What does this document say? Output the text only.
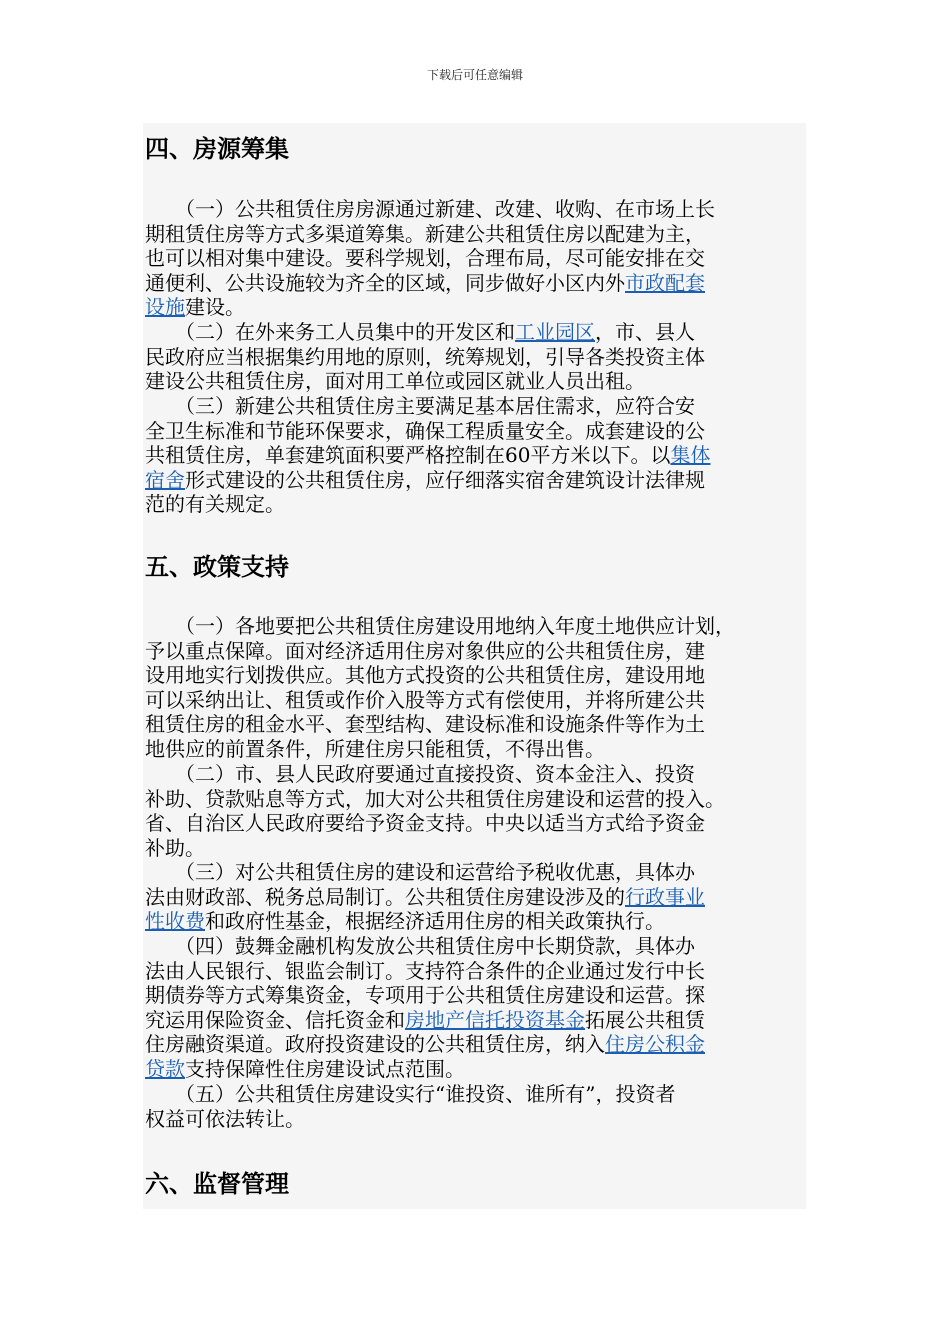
下载后可任意编辑
四、房源筹集
　　（一）公共租赁住房房源通过新建、改建、收购、在市场上长
期租赁住房等方式多渠道筹集。新建公共租赁住房以配建为主，
也可以相对集中建设。要科学规划，合理布局，尽可能安排在交
通便利、公共设施较为齐全的区域，同步做好小区内外市政配套
设施建设。
　　（二）在外来务工人员集中的开发区和工业园区，市、县人
民政府应当根据集约用地的原则，统筹规划，引导各类投资主体
建设公共租赁住房，面对用工单位或园区就业人员出租。
　　（三）新建公共租赁住房主要满足基本居住需求，应符合安
全卫生标准和节能环保要求，确保工程质量安全。成套建设的公
共租赁住房，单套建筑面积要严格控制在60平方米以下。以集体
宿舍形式建设的公共租赁住房，应仔细落实宿舍建筑设计法律规
范的有关规定。
五、政策支持
　　（一）各地要把公共租赁住房建设用地纳入年度土地供应计划，
予以重点保障。面对经济适用住房对象供应的公共租赁住房，建
设用地实行划拨供应。其他方式投资的公共租赁住房，建设用地
可以采纳出让、租赁或作价入股等方式有偿使用，并将所建公共
租赁住房的租金水平、套型结构、建设标准和设施条件等作为土
地供应的前置条件，所建住房只能租赁，不得出售。
　　（二）市、县人民政府要通过直接投资、资本金注入、投资
补助、贷款贴息等方式，加大对公共租赁住房建设和运营的投入。
省、自治区人民政府要给予资金支持。中央以适当方式给予资金
补助。
　　（三）对公共租赁住房的建设和运营给予税收优惠，具体办
法由财政部、税务总局制订。公共租赁住房建设涉及的行政事业
性收费和政府性基金，根据经济适用住房的相关政策执行。
　　（四）鼓舞金融机构发放公共租赁住房中长期贷款，具体办
法由人民银行、银监会制订。支持符合条件的企业通过发行中长
期债券等方式筹集资金，专项用于公共租赁住房建设和运营。探
究运用保险资金、信托资金和房地产信托投资基金拓展公共租赁
住房融资渠道。政府投资建设的公共租赁住房，纳入住房公积金
贷款支持保障性住房建设试点范围。
　　（五）公共租赁住房建设实行“谁投资、谁所有”，投资者
权益可依法转让。
六、监督管理
